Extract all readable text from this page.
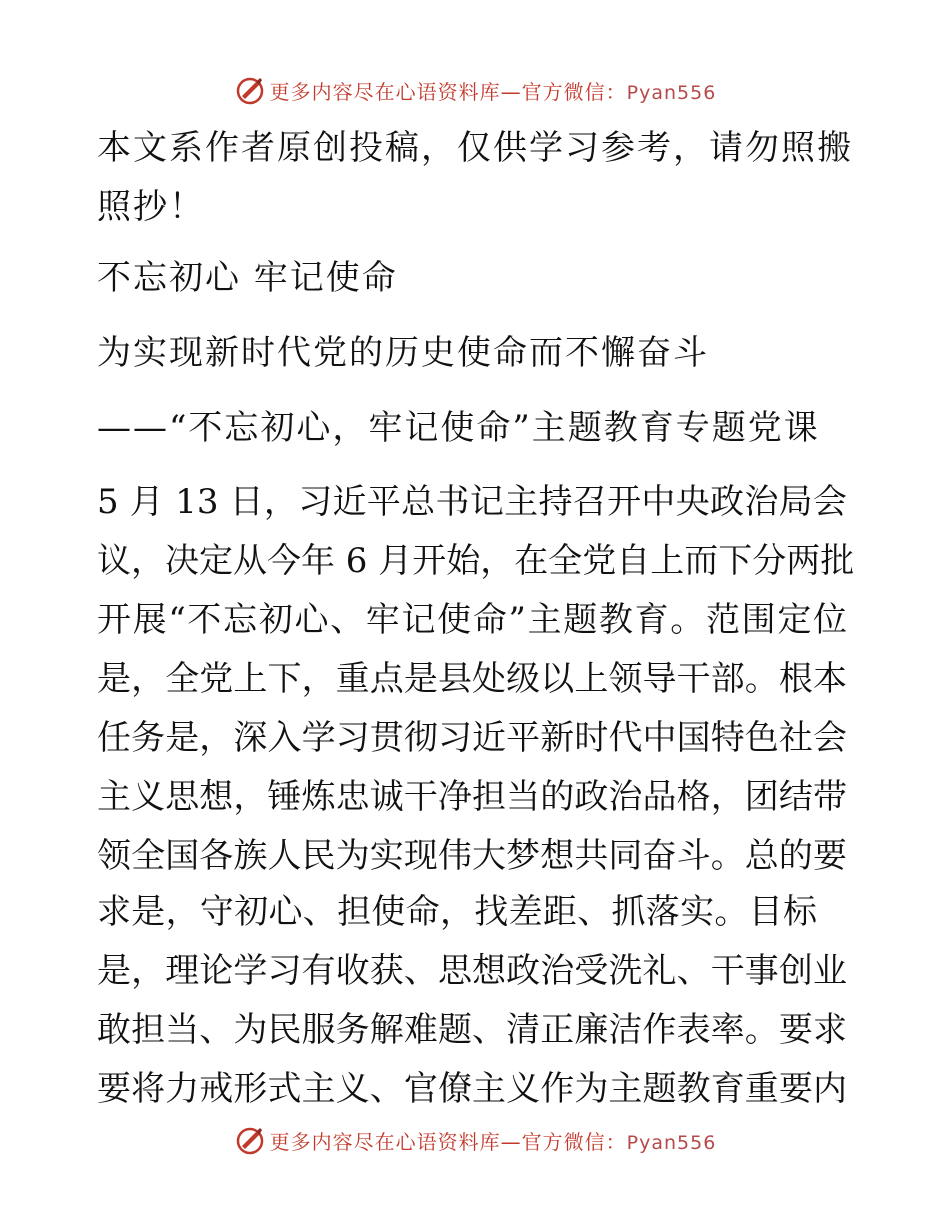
更多内容尽在心语资料库—官方微信：Pyan556
本文系作者原创投稿，仅供学习参考，请勿照搬
照抄！
不忘初心 牢记使命
为实现新时代党的历史使命而不懈奋斗
——“不忘初心，牢记使命”主题教育专题党课
5 月 13 日，习近平总书记主持召开中央政治局会
议，决定从今年 6 月开始，在全党自上而下分两批
开展“不忘初心、牢记使命”主题教育。范围定位
是，全党上下，重点是县处级以上领导干部。根本
任务是，深入学习贯彻习近平新时代中国特色社会
主义思想，锤炼忠诚干净担当的政治品格，团结带
领全国各族人民为实现伟大梦想共同奋斗。总的要
求是，守初心、担使命，找差距、抓落实。目标
是，理论学习有收获、思想政治受洗礼、干事创业
敢担当、为民服务解难题、清正廉洁作表率。要求
要将力戒形式主义、官僚主义作为主题教育重要内
更多内容尽在心语资料库—官方微信：Pyan556
